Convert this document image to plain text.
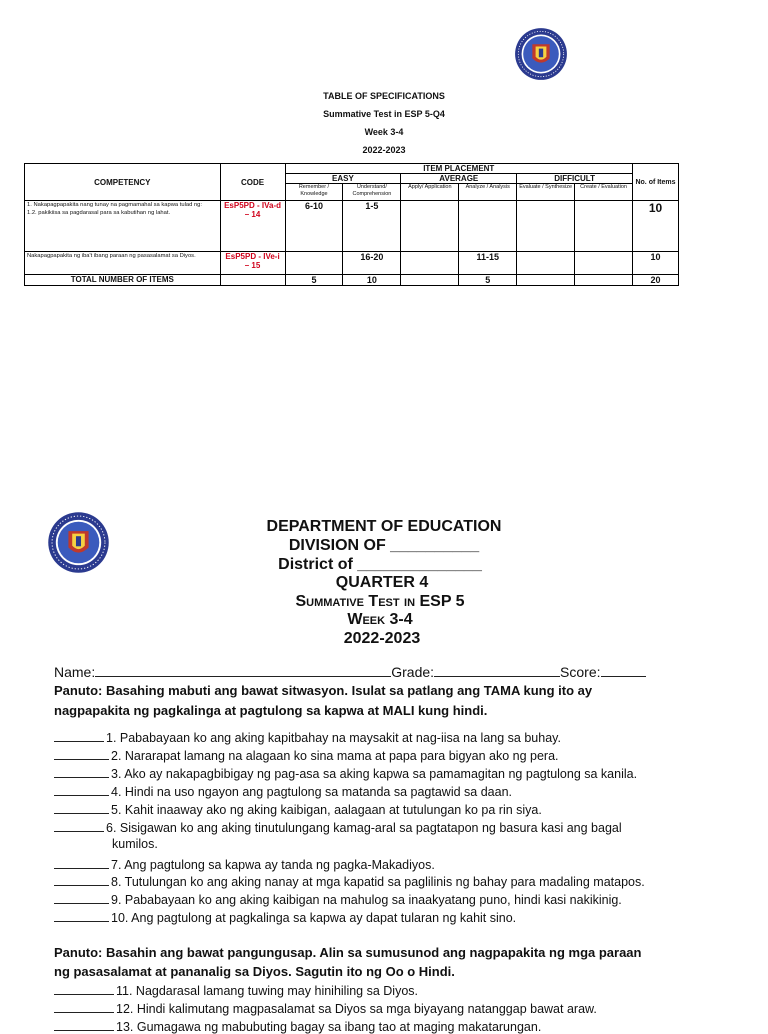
TABLE OF SPECIFICATIONS
Summative Test in ESP 5-Q4
Week 3-4
2022-2023
COMPETENCY	CODE	ITEM PLACEMENT						No. of Items
		EASY		AVERAGE		DIFFICULT		
		Remember / Knowledge	Understand/ Comprehension	Apply/ Application	Analyze / Analysis	Evaluate / Synthesize	Create / Evaluation	

1. Nakapagpapakita nang tunay na pagmamahal sa kapwa tulad ng:
1.2. pakikiisa sa pagdarasal para sa kabutihan ng lahat.	EsP5PD - IVa-d – 14	6-10	1-5					10

Nakapagpapakita ng iba't ibang paraan ng pasasalamat sa Diyos.	EsP5PD - IVe-i – 15		16-20		11-15			10
TOTAL NUMBER OF ITEMS		5	10		5			20
DEPARTMENT OF EDUCATION
DIVISION OF __________
District of ______________
QUARTER 4
Summative Test in ESP 5
Week 3-4
2022-2023
Name:	Grade:	Score:
Panuto: Basahing mabuti ang bawat sitwasyon. Isulat sa patlang ang TAMA kung ito ay
nagpapakita ng pagkalinga at pagtulong sa kapwa at MALI kung hindi.
1. Pababayaan ko ang aking kapitbahay na maysakit at nag-iisa na lang sa buhay.
2. Nararapat lamang na alagaan ko sina mama at papa para bigyan ako ng pera.
3. Ako ay nakapagbibigay ng pag-asa sa aking kapwa sa pamamagitan ng pagtulong sa kanila.
4. Hindi na uso ngayon ang pagtulong sa matanda sa pagtawid sa daan.
5. Kahit inaaway ako ng aking kaibigan, aalagaan at tutulungan ko pa rin siya.
6. Sisigawan ko ang aking tinutulungang kamag-aral sa pagtatapon ng basura kasi ang bagal
7. Ang pagtulong sa kapwa ay tanda ng pagka-Makadiyos.
8. Tutulungan ko ang aking nanay at mga kapatid sa paglilinis ng bahay para madaling matapos.
9. Pababayaan ko ang aking kaibigan na mahulog sa inaakyatang puno, hindi kasi nakikinig.
10. Ang pagtulong at pagkalinga sa kapwa ay dapat tularan ng kahit sino.
kumilos.
Panuto: Basahin ang bawat pangungusap. Alin sa sumusunod ang nagpapakita ng mga paraan
ng pasasalamat at pananalig sa Diyos. Sagutin ito ng Oo o Hindi.
11. Nagdarasal lamang tuwing may hinihiling sa Diyos.
12. Hindi kalimutang magpasalamat sa Diyos sa mga biyayang natanggap bawat araw.
13. Gumagawa ng mabubuting bagay sa ibang tao at maging makatarungan.
